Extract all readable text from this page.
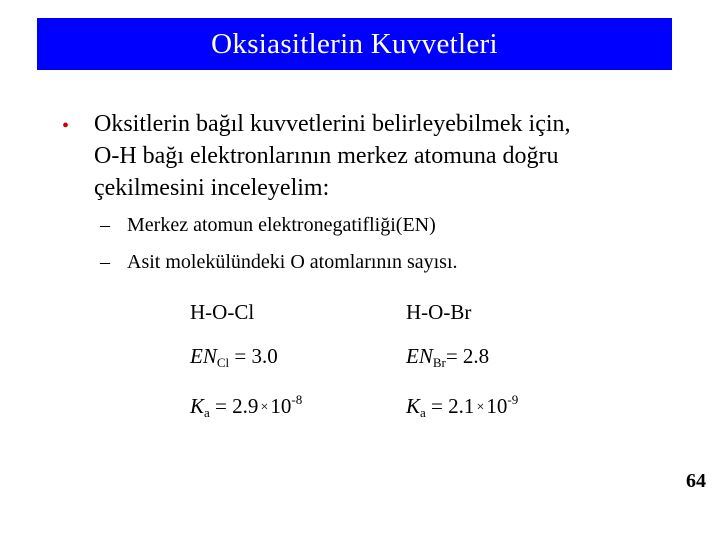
Oksiasitlerin Kuvvetleri
• Oksitlerin bağıl kuvvetlerini belirleyebilmek için,
O-H bağı elektronlarının merkez atomuna doğru
çekilmesini inceleyelim:
– Merkez atomun elektronegatifliği(EN)
– Asit molekülündeki O atomlarının sayısı.
H-O-Cl
$EN_{Cl} = 3.0$
$K_a = 2.9 \times 10^{-8}$
H-O-Br
$EN_{Br}= 2.8$
$K_a = 2.1 \times 10^{-9}$
64
